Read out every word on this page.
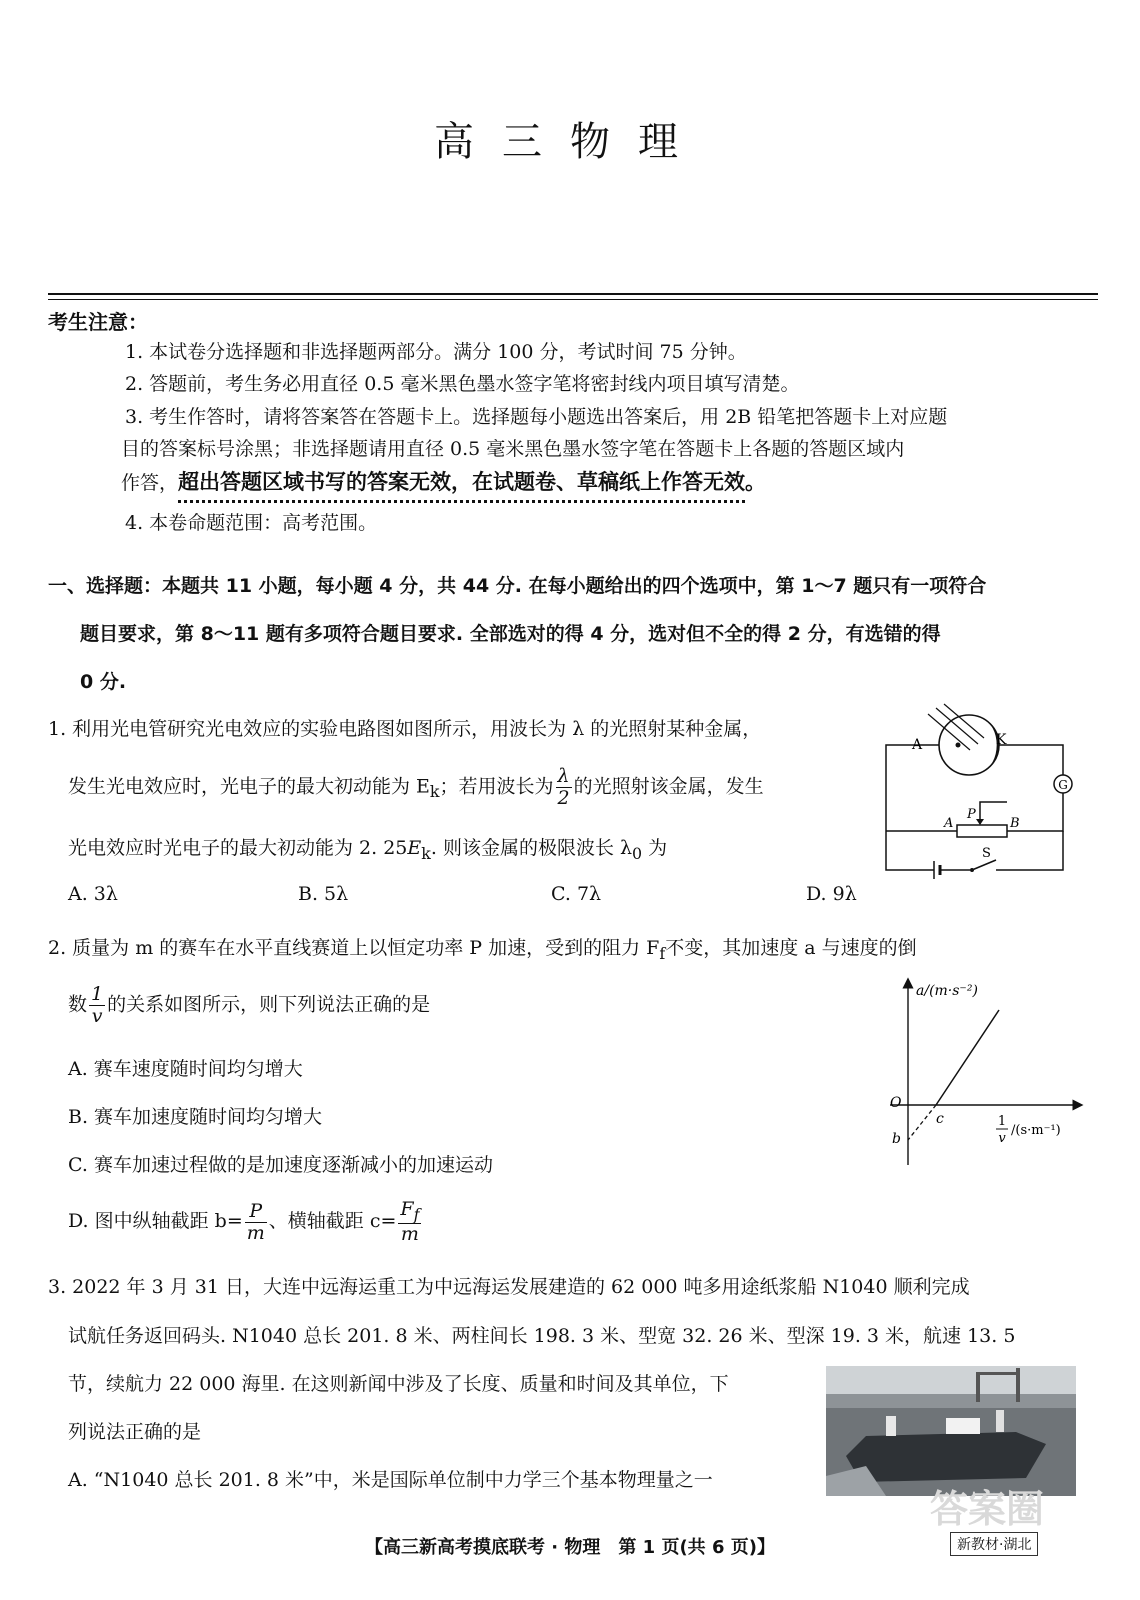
高三物理
考生注意：
1. 本试卷分选择题和非选择题两部分。满分 100 分，考试时间 75 分钟。
2. 答题前，考生务必用直径 0.5 毫米黑色墨水签字笔将密封线内项目填写清楚。
3. 考生作答时，请将答案答在答题卡上。选择题每小题选出答案后，用 2B 铅笔把答题卡上对应题
目的答案标号涂黑；非选择题请用直径 0.5 毫米黑色墨水签字笔在答题卡上各题的答题区域内
作答，超出答题区域书写的答案无效，在试题卷、草稿纸上作答无效。
4. 本卷命题范围：高考范围。
一、选择题：本题共 11 小题，每小题 4 分，共 44 分. 在每小题给出的四个选项中，第 1～7 题只有一项符合
题目要求，第 8～11 题有多项符合题目要求. 全部选对的得 4 分，选对但不全的得 2 分，有选错的得
0 分.
1. 利用光电管研究光电效应的实验电路图如图所示，用波长为 λ 的光照射某种金属，
发生光电效应时，光电子的最大初动能为 $E_k$；若用波长为 $\frac{\lambda}{2}$ 的光照射该金属，发生
光电效应时光电子的最大初动能为 2. $25E_k$. 则该金属的极限波长 $\lambda_0$ 为
A. 3λ	B. 5λ	C. 7λ	D. 9λ
G
A	K
P
A	B
S
2. 质量为 m 的赛车在水平直线赛道上以恒定功率 P 加速，受到的阻力 $F_f$不变，其加速度 a 与速度的倒
数 $\frac{1}{v}$ 的关系如图所示，则下列说法正确的是
A. 赛车速度随时间均匀增大
B. 赛车加速度随时间均匀增大
C. 赛车加速过程做的是加速度逐渐减小的加速运动
D. 图中纵轴截距 $b= \frac{P}{m}$ 、横轴截距 $c= \frac{F_f}{m}$
a/(m·s⁻²)
O
b
c	1
v
/(s·m⁻¹)
3. 2022 年 3 月 31 日，大连中远海运重工为中远海运发展建造的 62 000 吨多用途纸浆船 N1040 顺利完成
试航任务返回码头. N1040 总长 201. 8 米、两柱间长 198. 3 米、型宽 32. 26 米、型深 19. 3 米，航速 13. 5
节，续航力 22 000 海里. 在这则新闻中涉及了长度、质量和时间及其单位，下
列说法正确的是
A. “N1040 总长 201. 8 米”中，米是国际单位制中力学三个基本物理量之一
答案圈
【高三新高考摸底联考 · 物理　第 1 页(共 6 页)】	新教材·湖北
